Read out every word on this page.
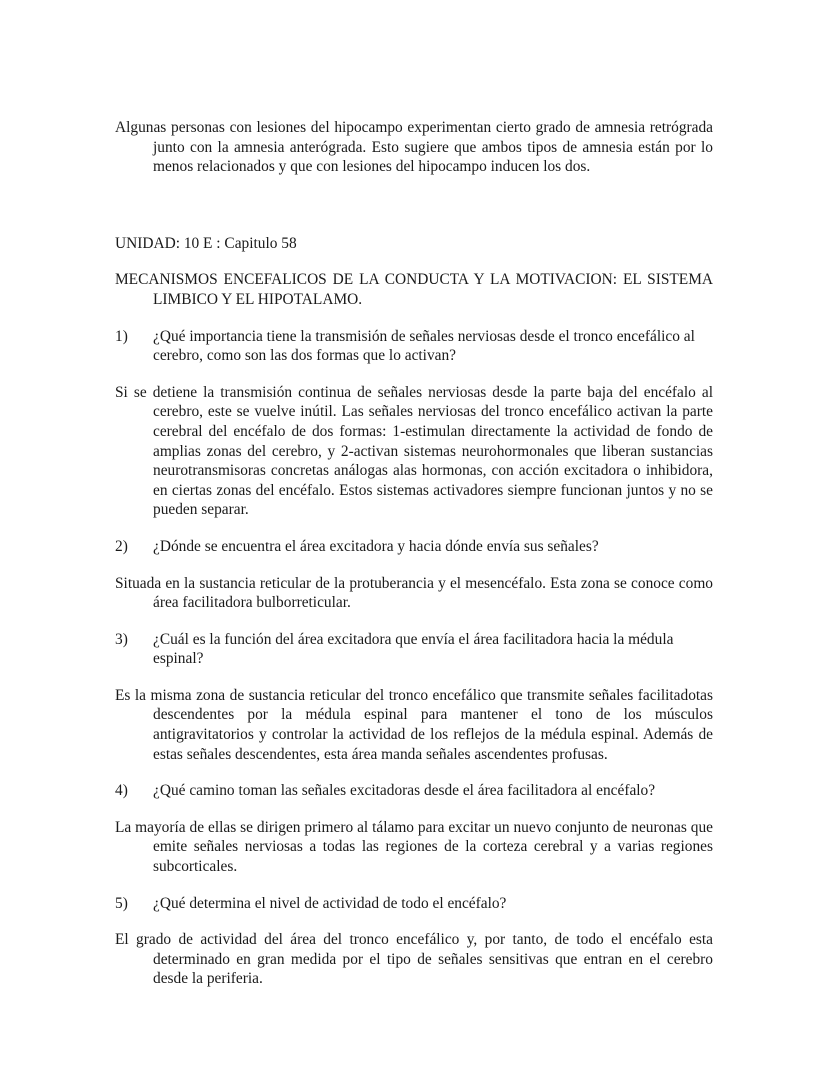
Algunas personas con lesiones del hipocampo experimentan cierto grado de amnesia retrógrada junto con la amnesia anterógrada. Esto sugiere que ambos tipos de amnesia están por lo menos relacionados y que con lesiones del hipocampo inducen los dos.

UNIDAD: 10 E : Capitulo 58

MECANISMOS ENCEFALICOS DE LA CONDUCTA Y LA MOTIVACION: EL SISTEMA LIMBICO Y EL HIPOTALAMO.

1)	¿Qué importancia tiene la transmisión de señales nerviosas desde el tronco encefálico al cerebro, como son las dos formas que lo activan?

Si se detiene la transmisión continua de señales nerviosas desde la parte baja del encéfalo al cerebro, este se vuelve inútil. Las señales nerviosas del tronco encefálico activan la parte cerebral del encéfalo de dos formas: 1-estimulan directamente la actividad de fondo de amplias zonas del cerebro, y 2-activan sistemas neurohormonales que liberan sustancias neurotransmisoras concretas análogas alas hormonas, con acción excitadora o inhibidora, en ciertas zonas del encéfalo. Estos sistemas activadores siempre funcionan juntos y no se pueden separar.

2)	¿Dónde se encuentra el área excitadora y hacia dónde envía sus señales?

Situada en la sustancia reticular de la protuberancia y el mesencéfalo. Esta zona se conoce como área facilitadora bulborreticular.

3)	¿Cuál es la función del área excitadora que envía el área facilitadora hacia la médula espinal?

Es la misma zona de sustancia reticular del tronco encefálico que transmite señales facilitadotas descendentes por la médula espinal para mantener el tono de los músculos antigravitatorios y controlar la actividad de los reflejos de la médula espinal. Además de estas señales descendentes, esta área manda señales ascendentes profusas.

4)	¿Qué camino toman las señales excitadoras desde el área facilitadora al encéfalo?

La mayoría de ellas se dirigen primero al tálamo para excitar un nuevo conjunto de neuronas que emite señales nerviosas a todas las regiones de la corteza cerebral y a varias regiones subcorticales.

5)	¿Qué determina el nivel de actividad de todo el encéfalo?

El grado de actividad del área del tronco encefálico y, por tanto, de todo el encéfalo esta determinado en gran medida por el tipo de señales sensitivas que entran en el cerebro desde la periferia.
